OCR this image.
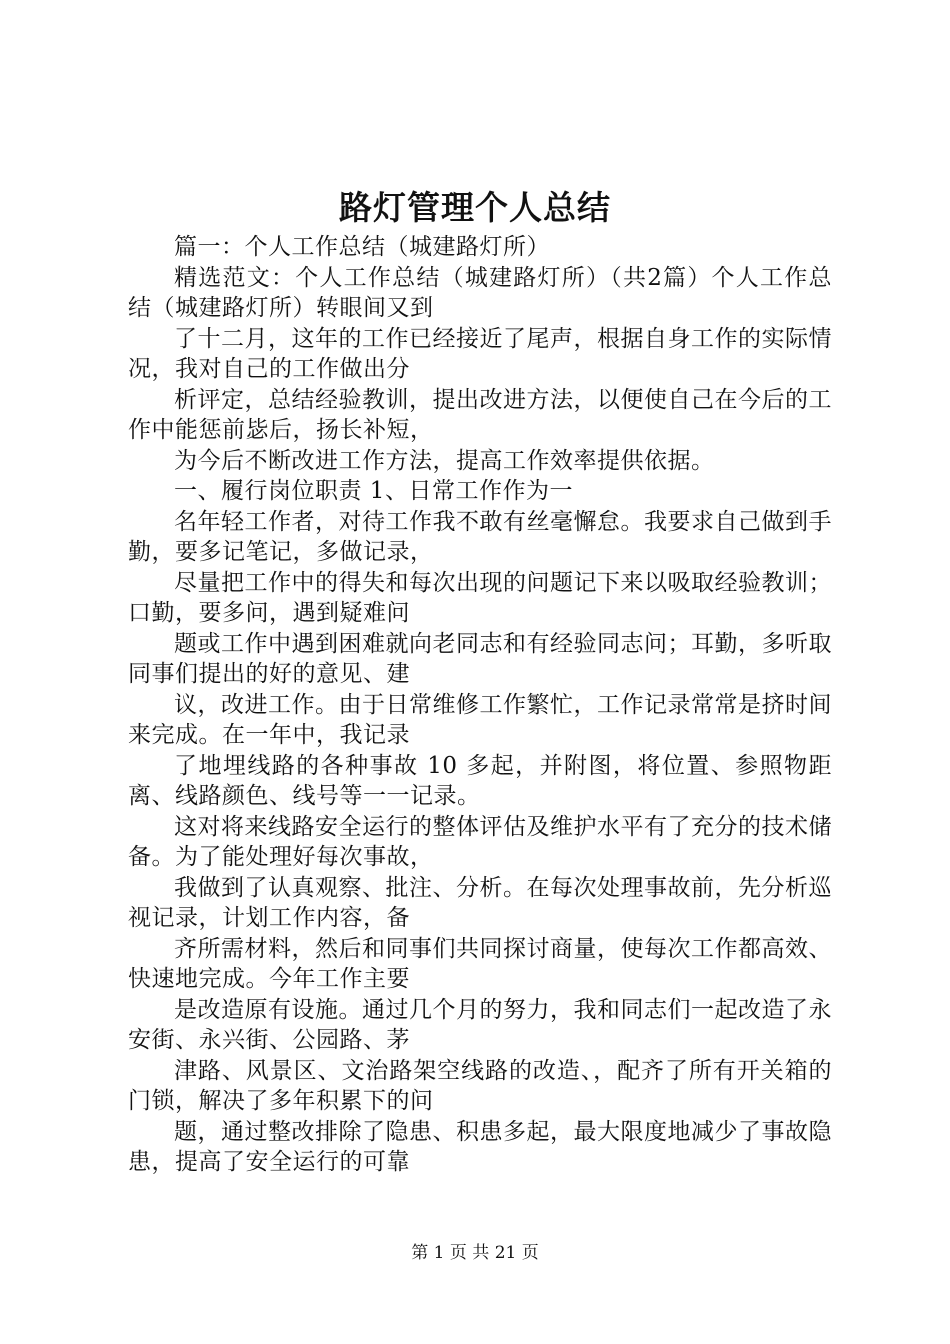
路灯管理个人总结

篇一：个人工作总结（城建路灯所）

精选范文：个人工作总结（城建路灯所）（共2篇）个人工作总结（城建路灯所）转眼间又到

了十二月，这年的工作已经接近了尾声，根据自身工作的实际情况，我对自己的工作做出分

析评定，总结经验教训，提出改进方法，以便使自己在今后的工作中能惩前毖后，扬长补短，

为今后不断改进工作方法，提高工作效率提供依据。

一、履行岗位职责 1、日常工作作为一

名年轻工作者，对待工作我不敢有丝毫懈怠。我要求自己做到手勤，要多记笔记，多做记录，

尽量把工作中的得失和每次出现的问题记下来以吸取经验教训；口勤，要多问，遇到疑难问

题或工作中遇到困难就向老同志和有经验同志问；耳勤，多听取同事们提出的好的意见、建

议，改进工作。由于日常维修工作繁忙，工作记录常常是挤时间来完成。在一年中，我记录

了地埋线路的各种事故 10 多起，并附图，将位置、参照物距离、线路颜色、线号等一一记录。

这对将来线路安全运行的整体评估及维护水平有了充分的技术储备。为了能处理好每次事故，

我做到了认真观察、批注、分析。在每次处理事故前，先分析巡视记录，计划工作内容，备

齐所需材料，然后和同事们共同探讨商量，使每次工作都高效、快速地完成。今年工作主要

是改造原有设施。通过几个月的努力，我和同志们一起改造了永安街、永兴街、公园路、茅

津路、风景区、文治路架空线路的改造、，配齐了所有开关箱的门锁，解决了多年积累下的问

题，通过整改排除了隐患、积患多起，最大限度地减少了事故隐患，提高了安全运行的可靠

第 1 页 共 21 页
